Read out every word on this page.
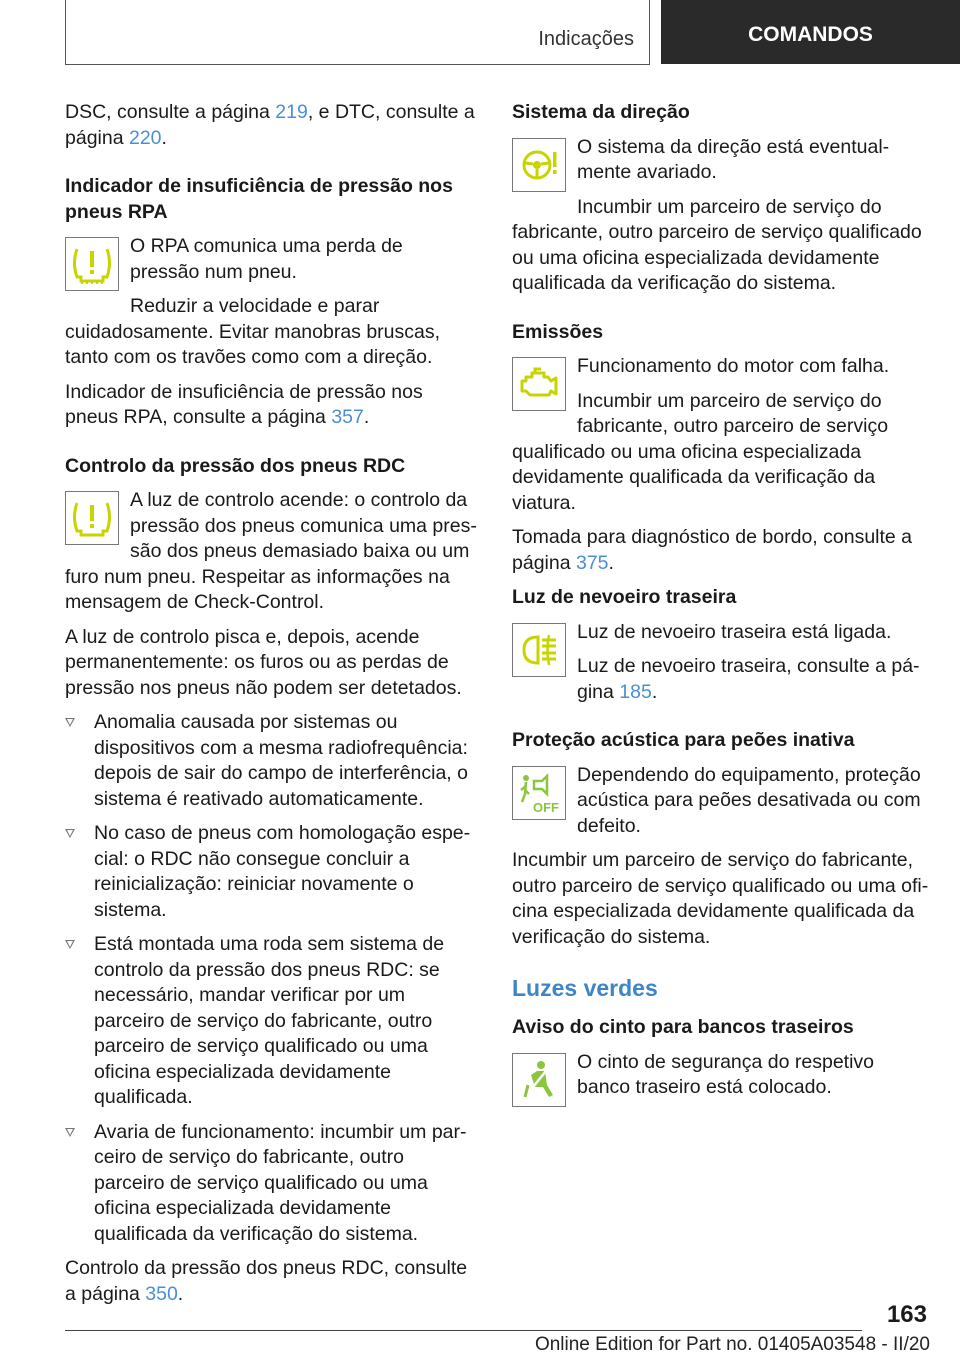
Indicações	COMANDOS

DSC, consulte a página 219, e DTC, consulte a página 220.

Indicador de insuficiência de pressão nos pneus RPA

O RPA comunica uma perda de pressão num pneu.

Reduzir a velocidade e parar cuidadosamente. Evitar manobras bruscas, tanto com os travões como com a direção.

Indicador de insuficiência de pressão nos pneus RPA, consulte a página 357.

Controlo da pressão dos pneus RDC

A luz de controlo acende: o controlo da pressão dos pneus comunica uma pressão dos pneus demasiado baixa ou um furo num pneu. Respeitar as informações na mensagem de Check-Control.

A luz de controlo pisca e, depois, acende permanentemente: os furos ou as perdas de pressão nos pneus não podem ser detetados.

Anomalia causada por sistemas ou dispositivos com a mesma radiofrequência: depois de sair do campo de interferência, o sistema é reativado automaticamente.
No caso de pneus com homologação especial: o RDC não consegue concluir a reinicialização: reiniciar novamente o sistema.
Está montada uma roda sem sistema de controlo da pressão dos pneus RDC: se necessário, mandar verificar por um parceiro de serviço do fabricante, outro parceiro de serviço qualificado ou uma oficina especializada devidamente qualificada.
Avaria de funcionamento: incumbir um parceiro de serviço do fabricante, outro parceiro de serviço qualificado ou uma oficina especializada devidamente qualificada da verificação do sistema.

Controlo da pressão dos pneus RDC, consulte a página 350.

Sistema da direção

O sistema da direção está eventualmente avariado.

Incumbir um parceiro de serviço do fabricante, outro parceiro de serviço qualificado ou uma oficina especializada devidamente qualificada da verificação do sistema.

Emissões

Funcionamento do motor com falha.

Incumbir um parceiro de serviço do fabricante, outro parceiro de serviço qualificado ou uma oficina especializada devidamente qualificada da verificação da viatura.

Tomada para diagnóstico de bordo, consulte a página 375.

Luz de nevoeiro traseira

Luz de nevoeiro traseira está ligada.

Luz de nevoeiro traseira, consulte a página 185.

Proteção acústica para peões inativa
OFF

Dependendo do equipamento, proteção acústica para peões desativada ou com defeito.

Incumbir um parceiro de serviço do fabricante, outro parceiro de serviço qualificado ou uma oficina especializada devidamente qualificada da verificação do sistema.

Luzes verdes
Aviso do cinto para bancos traseiros

O cinto de segurança do respetivo banco traseiro está colocado.

163
Online Edition for Part no. 01405A03548 - II/20
